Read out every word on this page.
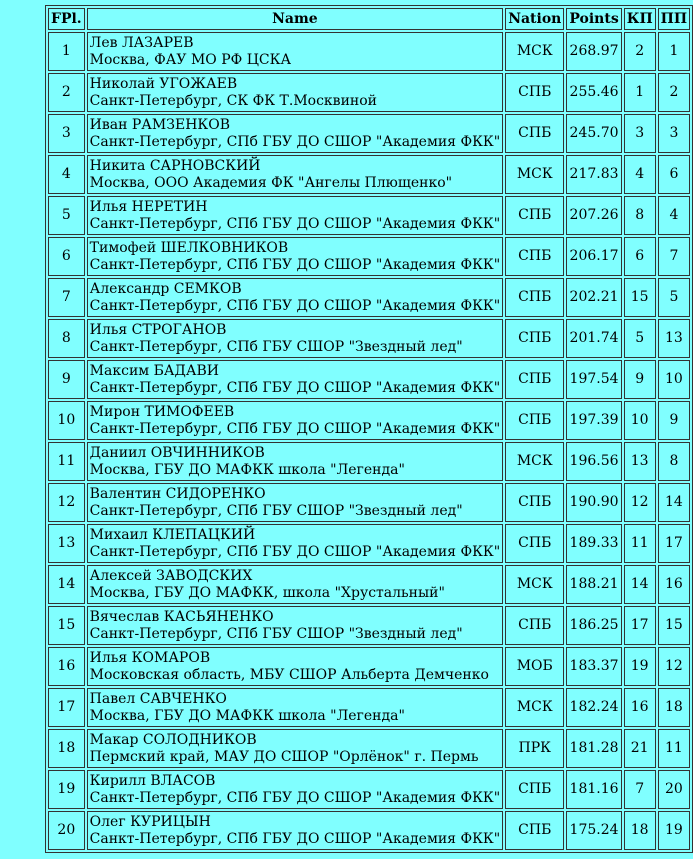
FPl.	Name	Nation	Points	КП	ПП
1	Лев ЛАЗАРЕВ
Москва, ФАУ МО РФ ЦСКА	МСК	268.97	2	1
2	Николай УГОЖАЕВ
Санкт-Петербург, СК ФК Т.Москвиной	СПБ	255.46	1	2
3	Иван РАМЗЕНКОВ
Санкт-Петербург, СПб ГБУ ДО СШОР "Академия ФКК"	СПБ	245.70	3	3
4	Никита САРНОВСКИЙ
Москва, ООО Академия ФК "Ангелы Плющенко"	МСК	217.83	4	6
5	Илья НЕРЕТИН
Санкт-Петербург, СПб ГБУ ДО СШОР "Академия ФКК"	СПБ	207.26	8	4
6	Тимофей ШЕЛКОВНИКОВ
Санкт-Петербург, СПб ГБУ ДО СШОР "Академия ФКК"	СПБ	206.17	6	7
7	Александр СЕМКОВ
Санкт-Петербург, СПб ГБУ ДО СШОР "Академия ФКК"	СПБ	202.21	15	5
8	Илья СТРОГАНОВ
Санкт-Петербург, СПб ГБУ СШОР "Звездный лед"	СПБ	201.74	5	13
9	Максим БАДАВИ
Санкт-Петербург, СПб ГБУ ДО СШОР "Академия ФКК"	СПБ	197.54	9	10
10	Мирон ТИМОФЕЕВ
Санкт-Петербург, СПб ГБУ ДО СШОР "Академия ФКК"	СПБ	197.39	10	9
11	Даниил ОВЧИННИКОВ
Москва, ГБУ ДО МАФКК школа "Легенда"	МСК	196.56	13	8
12	Валентин СИДОРЕНКО
Санкт-Петербург, СПб ГБУ СШОР "Звездный лед"	СПБ	190.90	12	14
13	Михаил КЛЕПАЦКИЙ
Санкт-Петербург, СПб ГБУ ДО СШОР "Академия ФКК"	СПБ	189.33	11	17
14	Алексей ЗАВОДСКИХ
Москва, ГБУ ДО МАФКК, школа "Хрустальный"	МСК	188.21	14	16
15	Вячеслав КАСЬЯНЕНКО
Санкт-Петербург, СПб ГБУ СШОР "Звездный лед"	СПБ	186.25	17	15
16	Илья КОМАРОВ
Московская область, МБУ СШОР Альберта Демченко	МОБ	183.37	19	12
17	Павел САВЧЕНКО
Москва, ГБУ ДО МАФКК школа "Легенда"	МСК	182.24	16	18
18	Макар СОЛОДНИКОВ
Пермский край, МАУ ДО СШОР "Орлёнок" г. Пермь	ПРК	181.28	21	11
19	Кирилл ВЛАСОВ
Санкт-Петербург, СПб ГБУ ДО СШОР "Академия ФКК"	СПБ	181.16	7	20
20	Олег КУРИЦЫН
Санкт-Петербург, СПб ГБУ ДО СШОР "Академия ФКК"	СПБ	175.24	18	19
